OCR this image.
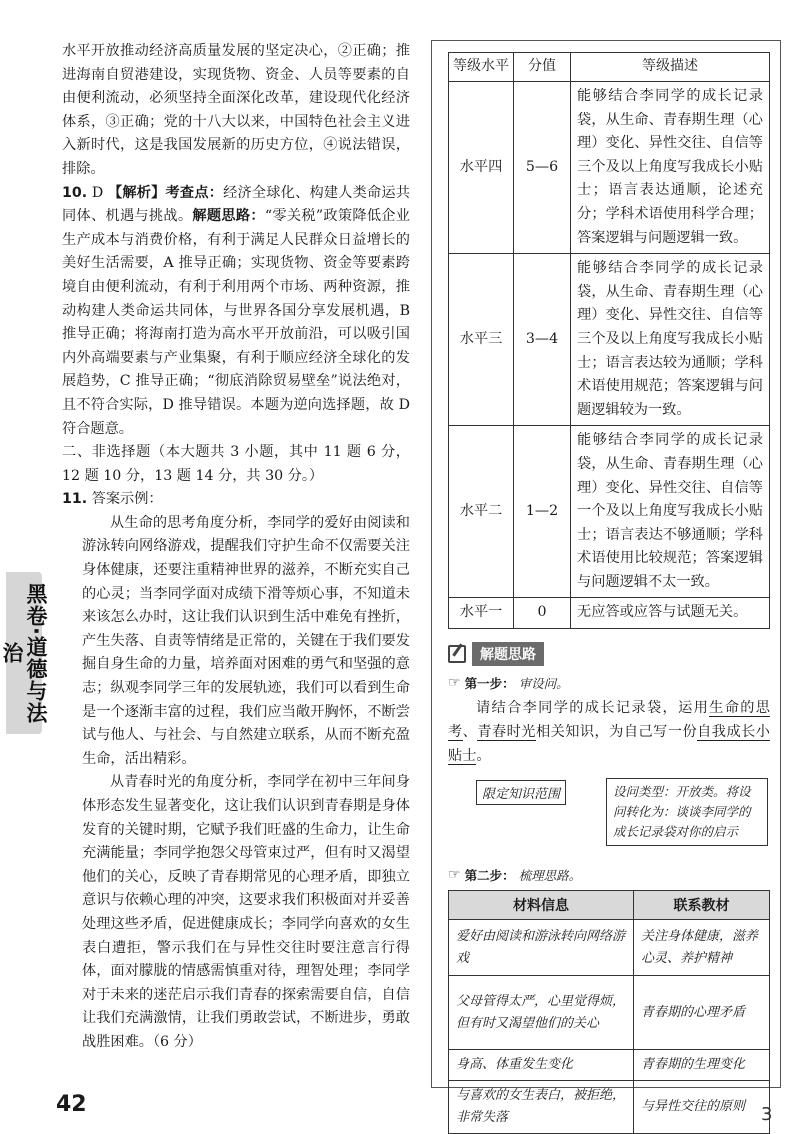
水平开放推动经济高质量发展的坚定决心，②正确；推进海南自贸港建设，实现货物、资金、人员等要素的自由便利流动，必须坚持全面深化改革，建设现代化经济体系，③正确；党的十八大以来，中国特色社会主义进入新时代，这是我国发展新的历史方位，④说法错误，排除。

10. D 【解析】考查点：经济全球化、构建人类命运共同体、机遇与挑战。解题思路：“零关税”政策降低企业生产成本与消费价格，有利于满足人民群众日益增长的美好生活需要，A 推导正确；实现货物、资金等要素跨境自由便利流动，有利于利用两个市场、两种资源，推动构建人类命运共同体，与世界各国分享发展机遇，B 推导正确；将海南打造为高水平开放前沿，可以吸引国内外高端要素与产业集聚，有利于顺应经济全球化的发展趋势，C 推导正确；“彻底消除贸易壁垒”说法绝对，且不符合实际，D 推导错误。本题为逆向选择题，故 D 符合题意。

二、非选择题（本大题共 3 小题，其中 11 题 6 分，12 题 10 分，13 题 14 分，共 30 分。）

11. 答案示例：

从生命的思考角度分析，李同学的爱好由阅读和游泳转向网络游戏，提醒我们守护生命不仅需要关注身体健康，还要注重精神世界的滋养，不断充实自己的心灵；当李同学面对成绩下滑等烦心事，不知道未来该怎么办时，这让我们认识到生活中难免有挫折，产生失落、自责等情绪是正常的，关键在于我们要发掘自身生命的力量，培养面对困难的勇气和坚强的意志；纵观李同学三年的发展轨迹，我们可以看到生命是一个逐渐丰富的过程，我们应当敞开胸怀，不断尝试与他人、与社会、与自然建立联系，从而不断充盈生命，活出精彩。

从青春时光的角度分析，李同学在初中三年间身体形态发生显著变化，这让我们认识到青春期是身体发育的关键时期，它赋予我们旺盛的生命力，让生命充满能量；李同学抱怨父母管束过严，但有时又渴望他们的关心，反映了青春期常见的心理矛盾，即独立意识与依赖心理的冲突，这要求我们积极面对并妥善处理这些矛盾，促进健康成长；李同学向喜欢的女生表白遭拒，警示我们在与异性交往时要注意言行得体，面对朦胧的情感需慎重对待，理智处理；李同学对于未来的迷茫启示我们青春的探索需要自信，自信让我们充满激情，让我们勇敢尝试，不断进步，勇敢战胜困难。（6 分）

黑卷·道德与法治
42	3
等级水平	分值	等级描述
水平四	5—6	能够结合李同学的成长记录袋，从生命、青春期生理（心理）变化、异性交往、自信等三个及以上角度写我成长小贴士；语言表达通顺，论述充分；学科术语使用科学合理；答案逻辑与问题逻辑一致。
水平三	3—4	能够结合李同学的成长记录袋，从生命、青春期生理（心理）变化、异性交往、自信等三个及以上角度写我成长小贴士；语言表达较为通顺；学科术语使用规范；答案逻辑与问题逻辑较为一致。
水平二	1—2	能够结合李同学的成长记录袋，从生命、青春期生理（心理）变化、异性交往、自信等一个及以上角度写我成长小贴士；语言表达不够通顺；学科术语使用比较规范；答案逻辑与问题逻辑不太一致。
水平一	0	无应答或应答与试题无关。
解题思路
☞ 第一步： 审设问。
请结合李同学的成长记录袋，运用生命的思考、青春时光相关知识，为自己写一份自我成长小贴士。
限定知识范围	设问类型：开放类。将设问转化为：谈谈李同学的成长记录袋对你的启示
☞ 第二步： 梳理思路。
材料信息	联系教材
爱好由阅读和游泳转向网络游戏	关注身体健康，滋养心灵、养护精神
父母管得太严，心里觉得烦，但有时又渴望他们的关心	青春期的心理矛盾
身高、体重发生变化	青春期的生理变化
与喜欢的女生表白，被拒绝，非常失落	与异性交往的原则
